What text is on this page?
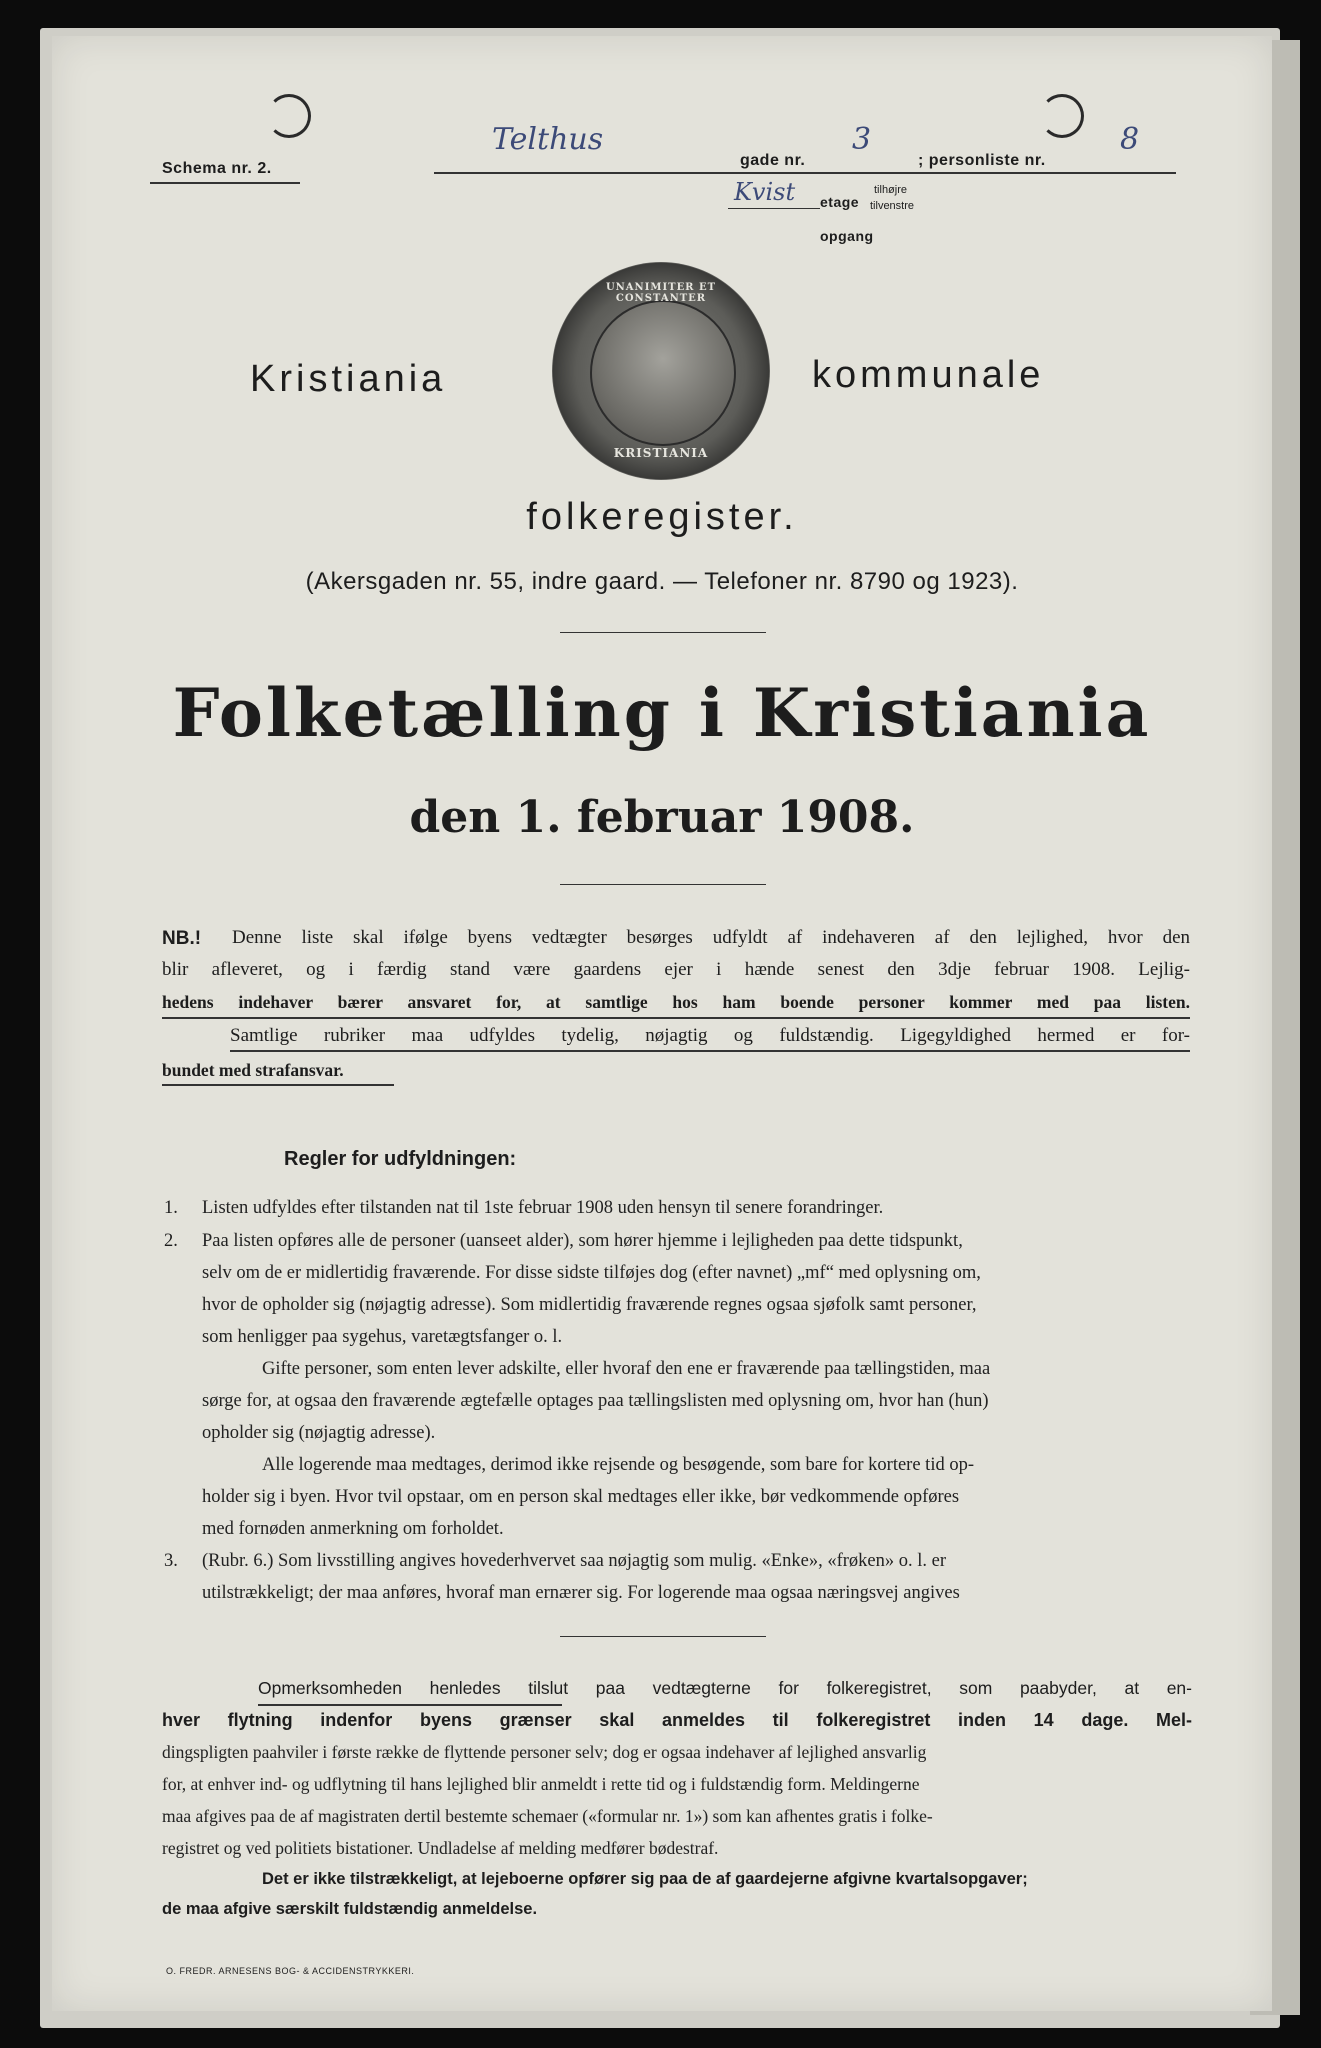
Schema nr. 2.
Telthus
gade nr.
3
; personliste nr.
8
Kvist etage
tilhøjre
tilvenstre
opgang
Kristiania	kommunale
UNANIMITER ET CONSTANTER
KRISTIANIA
folkeregister.
(Akersgaden nr. 55, indre gaard. — Telefoner nr. 8790 og 1923).
Folketælling i Kristiania
den 1. februar 1908.
NB.! Denne liste skal ifølge byens vedtægter besørges udfyldt af indehaveren af den lejlighed, hvor den
blir afleveret, og i færdig stand være gaardens ejer i hænde senest den 3dje februar 1908. Lejlig-
hedens indehaver bærer ansvaret for, at samtlige hos ham boende personer kommer med paa listen.
Samtlige rubriker maa udfyldes tydelig, nøjagtig og fuldstændig. Ligegyldighed hermed er for-
bundet med strafansvar.
Regler for udfyldningen:
1. Listen udfyldes efter tilstanden nat til 1ste februar 1908 uden hensyn til senere forandringer.
2. Paa listen opføres alle de personer (uanseet alder), som hører hjemme i lejligheden paa dette tidspunkt,
selv om de er midlertidig fraværende. For disse sidste tilføjes dog (efter navnet) „mf“ med oplysning om,
hvor de opholder sig (nøjagtig adresse). Som midlertidig fraværende regnes ogsaa sjøfolk samt personer,
som henligger paa sygehus, varetægtsfanger o. l.
Gifte personer, som enten lever adskilte, eller hvoraf den ene er fraværende paa tællingstiden, maa
sørge for, at ogsaa den fraværende ægtefælle optages paa tællingslisten med oplysning om, hvor han (hun)
opholder sig (nøjagtig adresse).
Alle logerende maa medtages, derimod ikke rejsende og besøgende, som bare for kortere tid op-
holder sig i byen. Hvor tvil opstaar, om en person skal medtages eller ikke, bør vedkommende opføres
med fornøden anmerkning om forholdet.
3. (Rubr. 6.) Som livsstilling angives hovederhvervet saa nøjagtig som mulig. «Enke», «frøken» o. l. er
utilstrækkeligt; der maa anføres, hvoraf man ernærer sig. For logerende maa ogsaa næringsvej angives
Opmerksomheden henledes tilslut paa vedtægterne for folkeregistret, som paabyder, at en-
hver flytning indenfor byens grænser skal anmeldes til folkeregistret inden 14 dage. Mel-
dingspligten paahviler i første række de flyttende personer selv; dog er ogsaa indehaver af lejlighed ansvarlig
for, at enhver ind- og udflytning til hans lejlighed blir anmeldt i rette tid og i fuldstændig form. Meldingerne
maa afgives paa de af magistraten dertil bestemte schemaer («formular nr. 1») som kan afhentes gratis i folke-
registret og ved politiets bistationer. Undladelse af melding medfører bødestraf.
Det er ikke tilstrækkeligt, at lejeboerne opfører sig paa de af gaardejerne afgivne kvartalsopgaver;
de maa afgive særskilt fuldstændig anmeldelse.
O. FREDR. ARNESENS BOG- & ACCIDENSTRYKKERI.
